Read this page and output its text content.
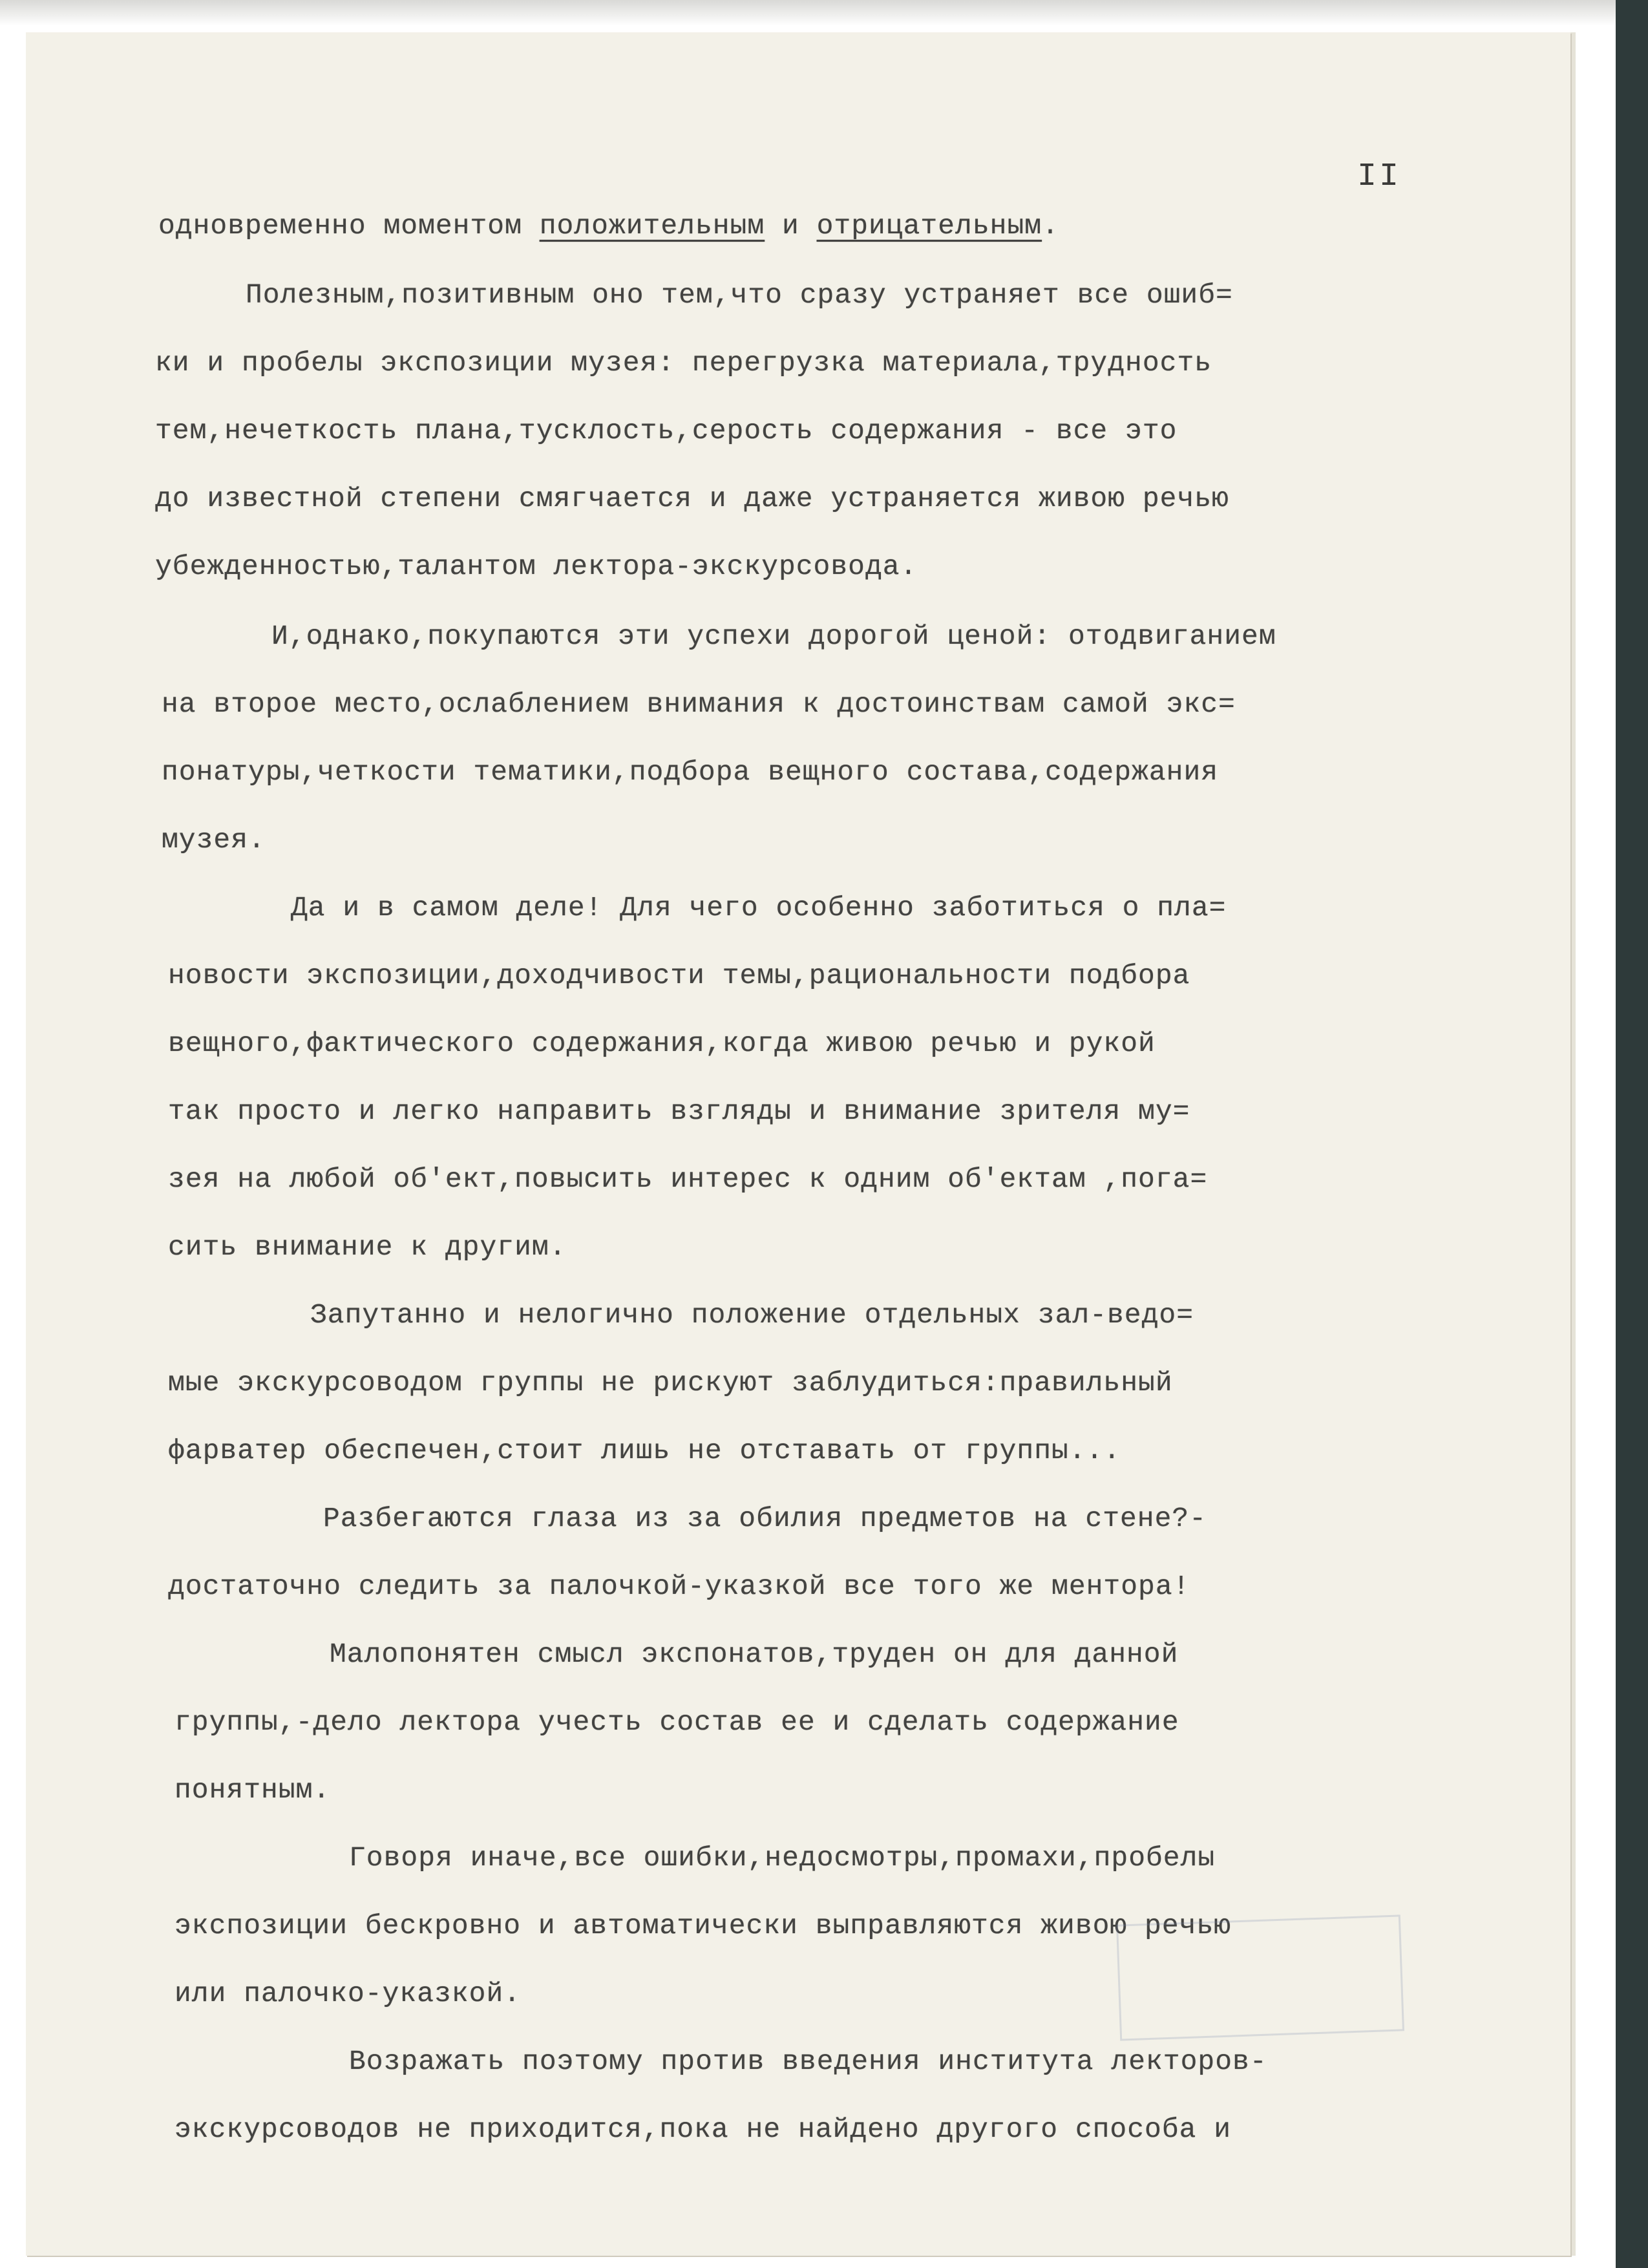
II
одновременно моментом положительным и отрицательным.
Полезным,позитивным оно тем,что сразу устраняет все ошиб=
ки и пробелы экспозиции музея: перегрузка материала,трудность
тем,нечеткость плана,тусклость,серость содержания - все это
до известной степени смягчается и даже устраняется живою речью
убежденностью,талантом лектора-экскурсовода.
И,однако,покупаются эти успехи дорогой ценой: отодвиганием
на второе место,ослаблением внимания к достоинствам самой экс=
понатуры,четкости тематики,подбора вещного состава,содержания
музея.
Да и в самом деле! Для чего особенно заботиться о пла=
новости экспозиции,доходчивости темы,рациональности подбора
вещного,фактического содержания,когда живою речью и рукой
так просто и легко направить взгляды и внимание зрителя му=
зея на любой об'ект,повысить интерес к одним об'ектам ,пога=
сить внимание к другим.
Запутанно и нелогично положение отдельных зал-ведо=
мые экскурсоводом группы не рискуют заблудиться:правильный
фарватер обеспечен,стоит лишь не отставать от группы...
Разбегаются глаза из за обилия предметов на стене?-
достаточно следить за палочкой-указкой все того же ментора!
Малопонятен смысл экспонатов,труден он для данной
группы,-дело лектора учесть состав ее и сделать содержание
понятным.
Говоря иначе,все ошибки,недосмотры,промахи,пробелы
экспозиции бескровно и автоматически выправляются живою речью
или палочко-указкой.
Возражать поэтому против введения института лекторов-
экскурсоводов не приходится,пока не найдено другого способа и
